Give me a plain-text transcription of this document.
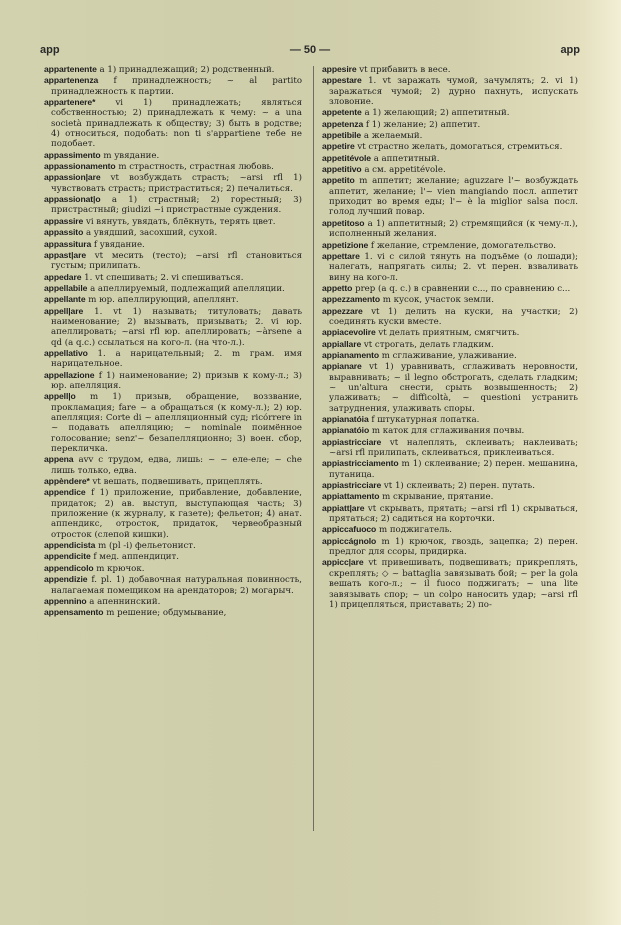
app	— 50 —	app

appartenente a 1) принадлежащий; 2) родственный.

appartenenza f принадлежность; ~ al partito принадлежность к партии.

appartenere* vi 1) принадлежать; являться собственностью; 2) принадлежать к чему: ~ a una società принадлежать к обществу; 3) быть в родстве; 4) относиться, подобать: non ti s'appartiene тебе не подобает.

appassimento m увядание.

appassionamento m страстность, страстная любовь.

appassion|are vt возбуждать страсть; ~arsi rfl 1) чувствовать страсть; пристраститься; 2) печалиться.

appassionat|o a 1) страстный; 2) горестный; 3) пристрастный; giudizi ~i пристрастные суждения.

appassire vi вянуть, увядать, блёкнуть, терять цвет.

appassito a увядший, засохший, сухой.

appassitura f увядание.

appast|are vt месить (тесто); ~arsi rfl становиться густым; прилипать.

appedare 1. vt спешивать; 2. vi спешиваться.

appellabile a апеллируемый, подлежащий апелляции.

appellante m юр. апеллирующий, апеллянт.

appell|are 1. vt 1) называть; титуловать; давать наименование; 2) вызывать, призывать; 2. vi юр. апеллировать; ~arsi rfl юр. апеллировать; ~àrsene a qd (a q.c.) ссылаться на кого-л. (на что-л.).

appellativo 1. a нарицательный; 2. m грам. имя нарицательное.

appellazione f 1) наименование; 2) призыв к кому-л.; 3) юр. апелляция.

appell|o m 1) призыв, обращение, воззвание, прокламация; fare ~ a обращаться (к кому-л.); 2) юр. апелляция: Corte di ~ апелляционный суд; ricórrere in ~ подавать апелляцию; ~ nominale поимённое голосование; senz'~ безапелляционно; 3) воен. сбор, перекличка.

appena avv с трудом, едва, лишь: ~ ~ еле-еле; ~ che лишь только, едва.

appèndere* vt вешать, подвешивать, прицеплять.

appendice f 1) приложение, прибавление, добавление, придаток; 2) ав. выступ, выступающая часть; 3) приложение (к журналу, к газете); фельетон; 4) анат. аппендикс, отросток, придаток, червеобразный отросток (слепой кишки).

appendicista m (pl -i) фельетонист.

appendicite f мед. аппендицит.

appendicolo m крючок.

appendizie f. pl. 1) добавочная натуральная повинность, налагаемая помещиком на арендаторов; 2) могарыч.

appennino a апеннинский.

appensamento m решение; обдумывание,

appesire vt прибавить в весе.

appestare 1. vt заражать чумой, зачумлять; 2. vi 1) заражаться чумой; 2) дурно пахнуть, испускать зловоние.

appetente a 1) желающий; 2) аппетитный.

appetenza f 1) желание; 2) аппетит.

appetibile a желаемый.

appetire vt страстно желать, домогаться, стремиться.

appetitévole a аппетитный.

appetitivo a см. appetitévole.

appetito m аппетит; желание; aguzzare l'~ возбуждать аппетит, желание; l'~ vien mangiando посл. аппетит приходит во время еды; l'~ è la miglior salsa посл. голод лучший повар.

appetitoso a 1) аппетитный; 2) стремящийся (к чему-л.), исполненный желания.

appetizione f желание, стремление, домогательство.

appettare 1. vi с силой тянуть на подъёме (о лошади); налегать, напрягать силы; 2. vt перен. взваливать вину на кого-л.

appetto prep (a q. c.) в сравнении с..., по сравнению с...

appezzamento m кусок, участок земли.

appezzare vt 1) делить на куски, на участки; 2) соединять куски вместе.

appiacevolire vt делать приятным, смягчить.

appiallare vt строгать, делать гладким.

appianamento m сглаживание, улаживание.

appianare vt 1) уравнивать, сглаживать неровности, выравнивать; ~ il legno обстрогать, сделать гладким; ~ un'altura снести, срыть возвышенность; 2) улаживать; ~ difficoltà, ~ questioni устранить затруднения, улаживать споры.

appianatóia f штукатурная лопатка.

appianatóio m каток для сглаживания почвы.

appiastricciare vt налеплять, склеивать; наклеивать; ~arsi rfl прилипать, склеиваться, приклеиваться.

appiastricciamento m 1) склеивание; 2) перен. мешанина, путаница.

appiastricciare vt 1) склеивать; 2) перен. путать.

appiattamento m скрывание, прятание.

appiatt|are vt скрывать, прятать; ~arsi rfl 1) скрываться, прятаться; 2) садиться на корточки.

appiccafuoco m поджигатель.

appiccágnolo m 1) крючок, гвоздь, зацепка; 2) перен. предлог для ссоры, придирка.

appicc|are vt привешивать, подвешивать; прикреплять, скреплять; ◇ ~ battaglia завязывать бой; ~ per la gola вешать кого-л.; ~ il fuoco поджигать; ~ una lite завязывать спор; ~ un colpo наносить удар; ~arsi rfl 1) прицепляться, приставать; 2) по-
